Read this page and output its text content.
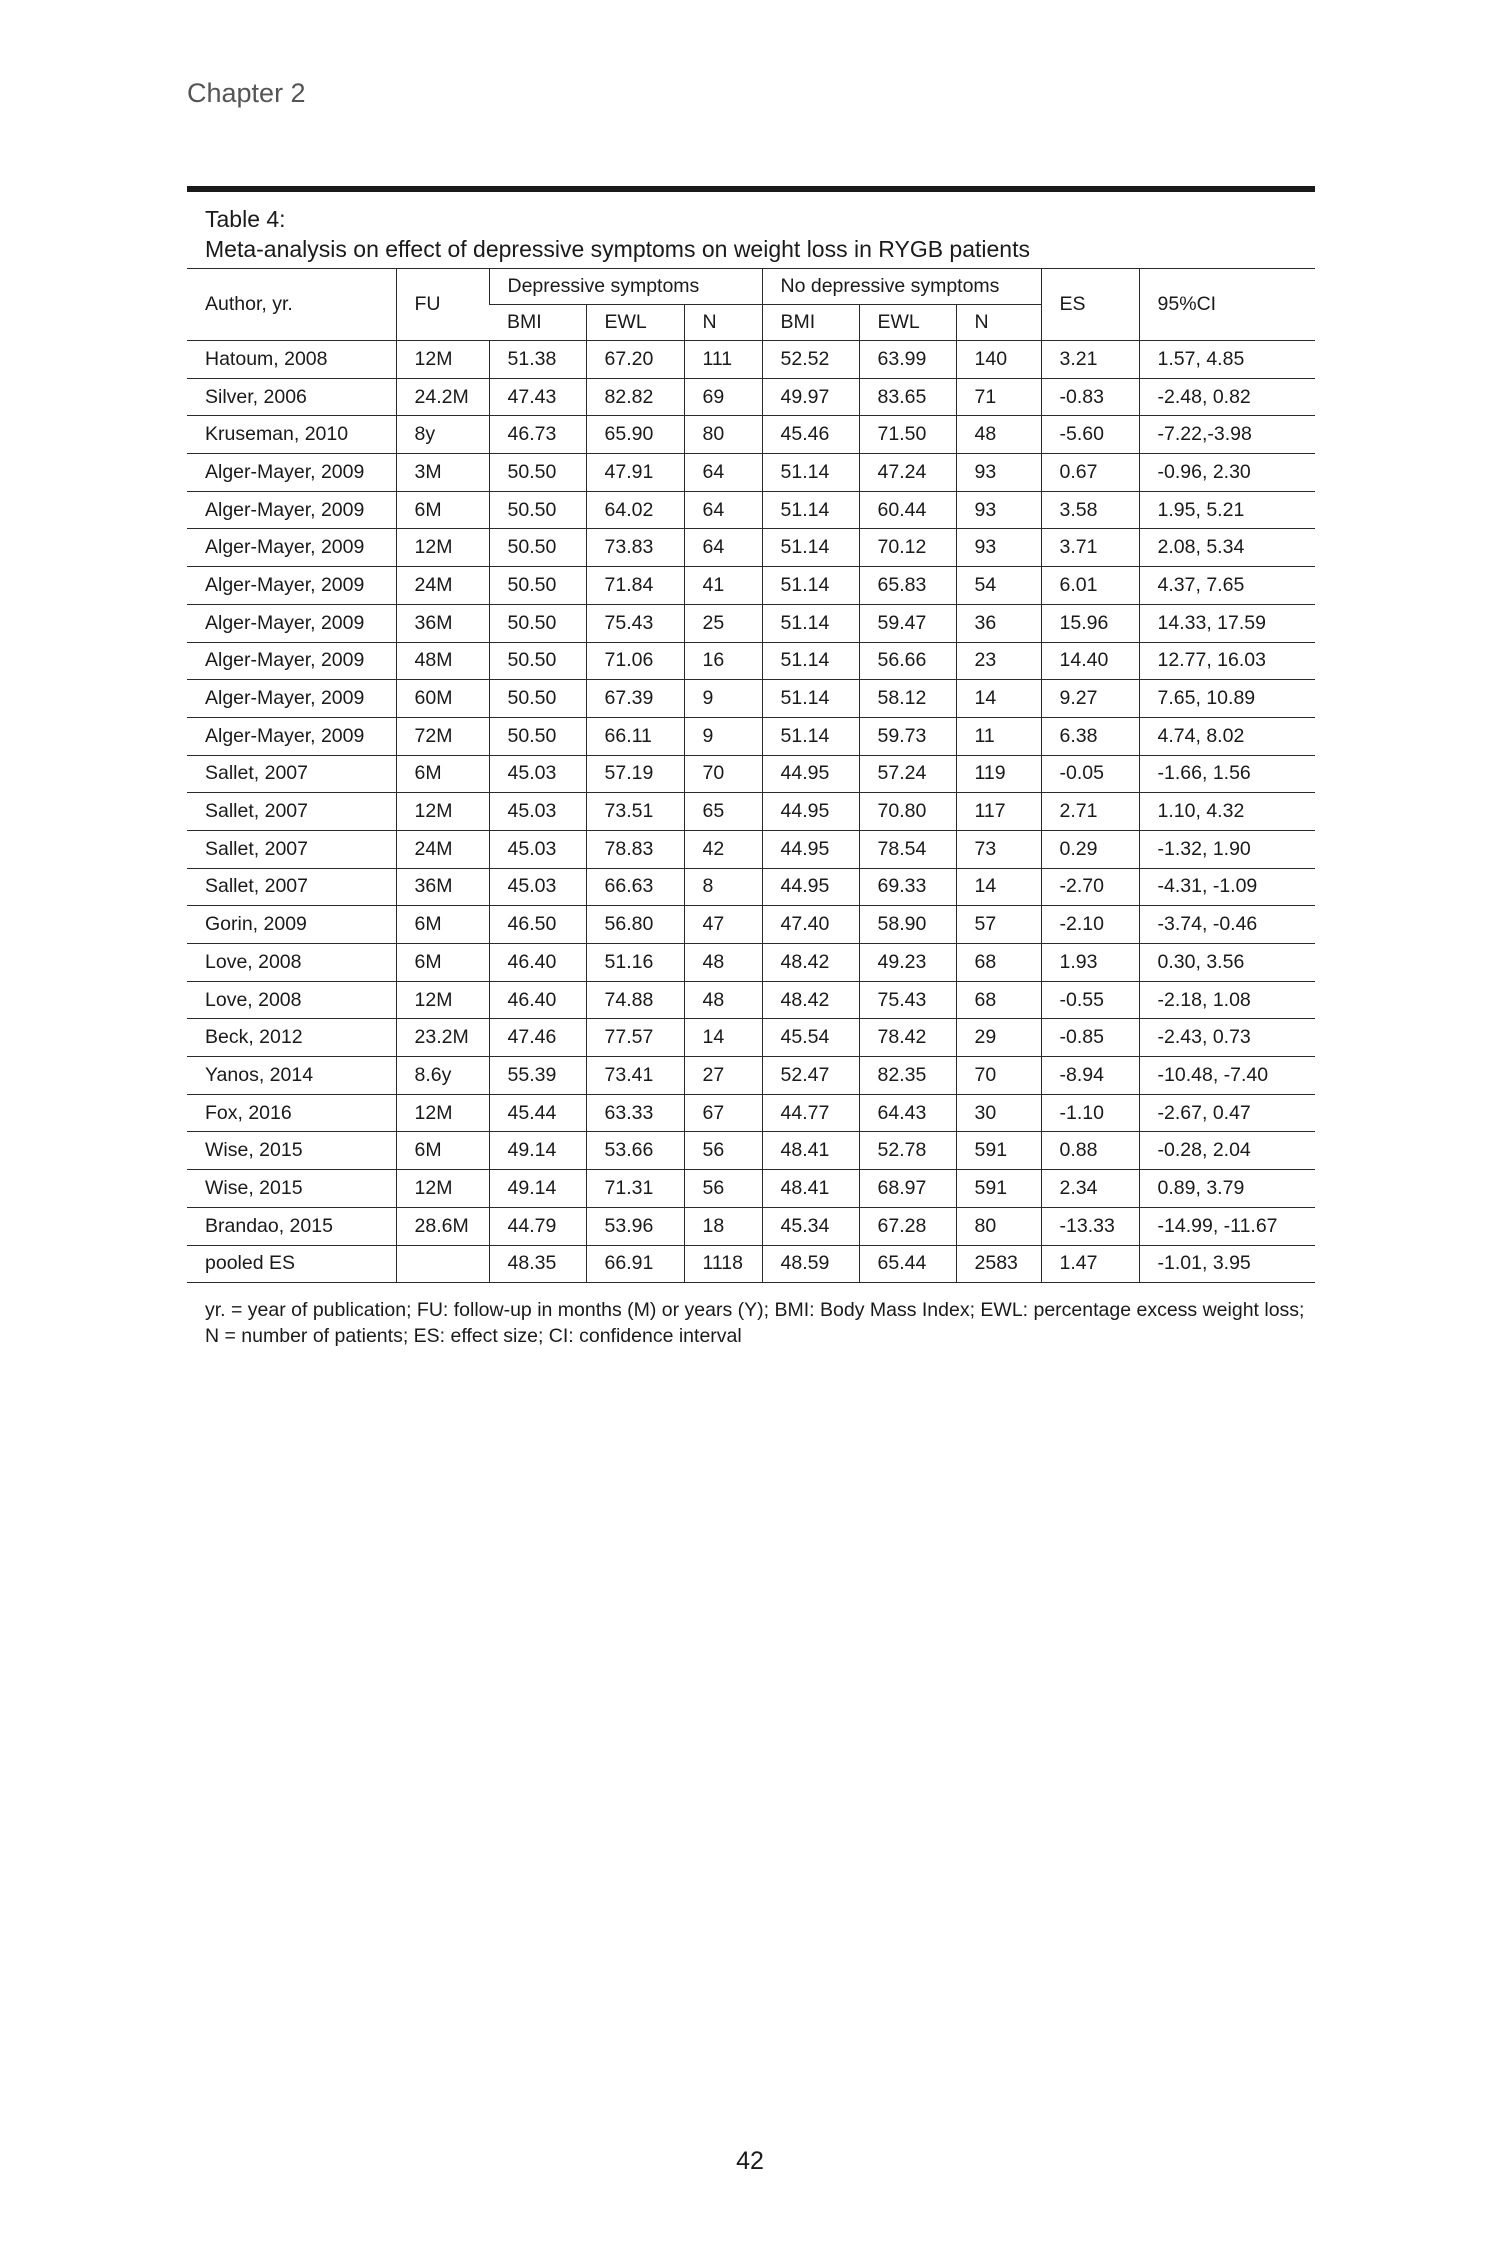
Chapter 2
Table 4:
Meta-analysis on effect of depressive symptoms on weight loss in RYGB patients
Author, yr.	FU	Depressive symptoms			No depressive symptoms			ES	95%CI
		BMI	EWL	N	BMI	EWL	N		
Hatoum, 2008	12M	51.38	67.20	111	52.52	63.99	140	3.21	1.57, 4.85
Silver, 2006	24.2M	47.43	82.82	69	49.97	83.65	71	-0.83	-2.48, 0.82
Kruseman, 2010	8y	46.73	65.90	80	45.46	71.50	48	-5.60	-7.22,-3.98
Alger-Mayer, 2009	3M	50.50	47.91	64	51.14	47.24	93	0.67	-0.96, 2.30
Alger-Mayer, 2009	6M	50.50	64.02	64	51.14	60.44	93	3.58	1.95, 5.21
Alger-Mayer, 2009	12M	50.50	73.83	64	51.14	70.12	93	3.71	2.08, 5.34
Alger-Mayer, 2009	24M	50.50	71.84	41	51.14	65.83	54	6.01	4.37, 7.65
Alger-Mayer, 2009	36M	50.50	75.43	25	51.14	59.47	36	15.96	14.33, 17.59
Alger-Mayer, 2009	48M	50.50	71.06	16	51.14	56.66	23	14.40	12.77, 16.03
Alger-Mayer, 2009	60M	50.50	67.39	9	51.14	58.12	14	9.27	7.65, 10.89
Alger-Mayer, 2009	72M	50.50	66.11	9	51.14	59.73	11	6.38	4.74, 8.02
Sallet, 2007	6M	45.03	57.19	70	44.95	57.24	119	-0.05	-1.66, 1.56
Sallet, 2007	12M	45.03	73.51	65	44.95	70.80	117	2.71	1.10, 4.32
Sallet, 2007	24M	45.03	78.83	42	44.95	78.54	73	0.29	-1.32, 1.90
Sallet, 2007	36M	45.03	66.63	8	44.95	69.33	14	-2.70	-4.31, -1.09
Gorin, 2009	6M	46.50	56.80	47	47.40	58.90	57	-2.10	-3.74, -0.46
Love, 2008	6M	46.40	51.16	48	48.42	49.23	68	1.93	0.30, 3.56
Love, 2008	12M	46.40	74.88	48	48.42	75.43	68	-0.55	-2.18, 1.08
Beck, 2012	23.2M	47.46	77.57	14	45.54	78.42	29	-0.85	-2.43, 0.73
Yanos, 2014	8.6y	55.39	73.41	27	52.47	82.35	70	-8.94	-10.48, -7.40
Fox, 2016	12M	45.44	63.33	67	44.77	64.43	30	-1.10	-2.67, 0.47
Wise, 2015	6M	49.14	53.66	56	48.41	52.78	591	0.88	-0.28, 2.04
Wise, 2015	12M	49.14	71.31	56	48.41	68.97	591	2.34	0.89, 3.79
Brandao, 2015	28.6M	44.79	53.96	18	45.34	67.28	80	-13.33	-14.99, -11.67
pooled ES		48.35	66.91	1118	48.59	65.44	2583	1.47	-1.01, 3.95
yr. = year of publication; FU: follow-up in months (M) or years (Y); BMI: Body Mass Index; EWL: percentage excess weight loss;
N = number of patients; ES: effect size; CI: confidence interval
42
